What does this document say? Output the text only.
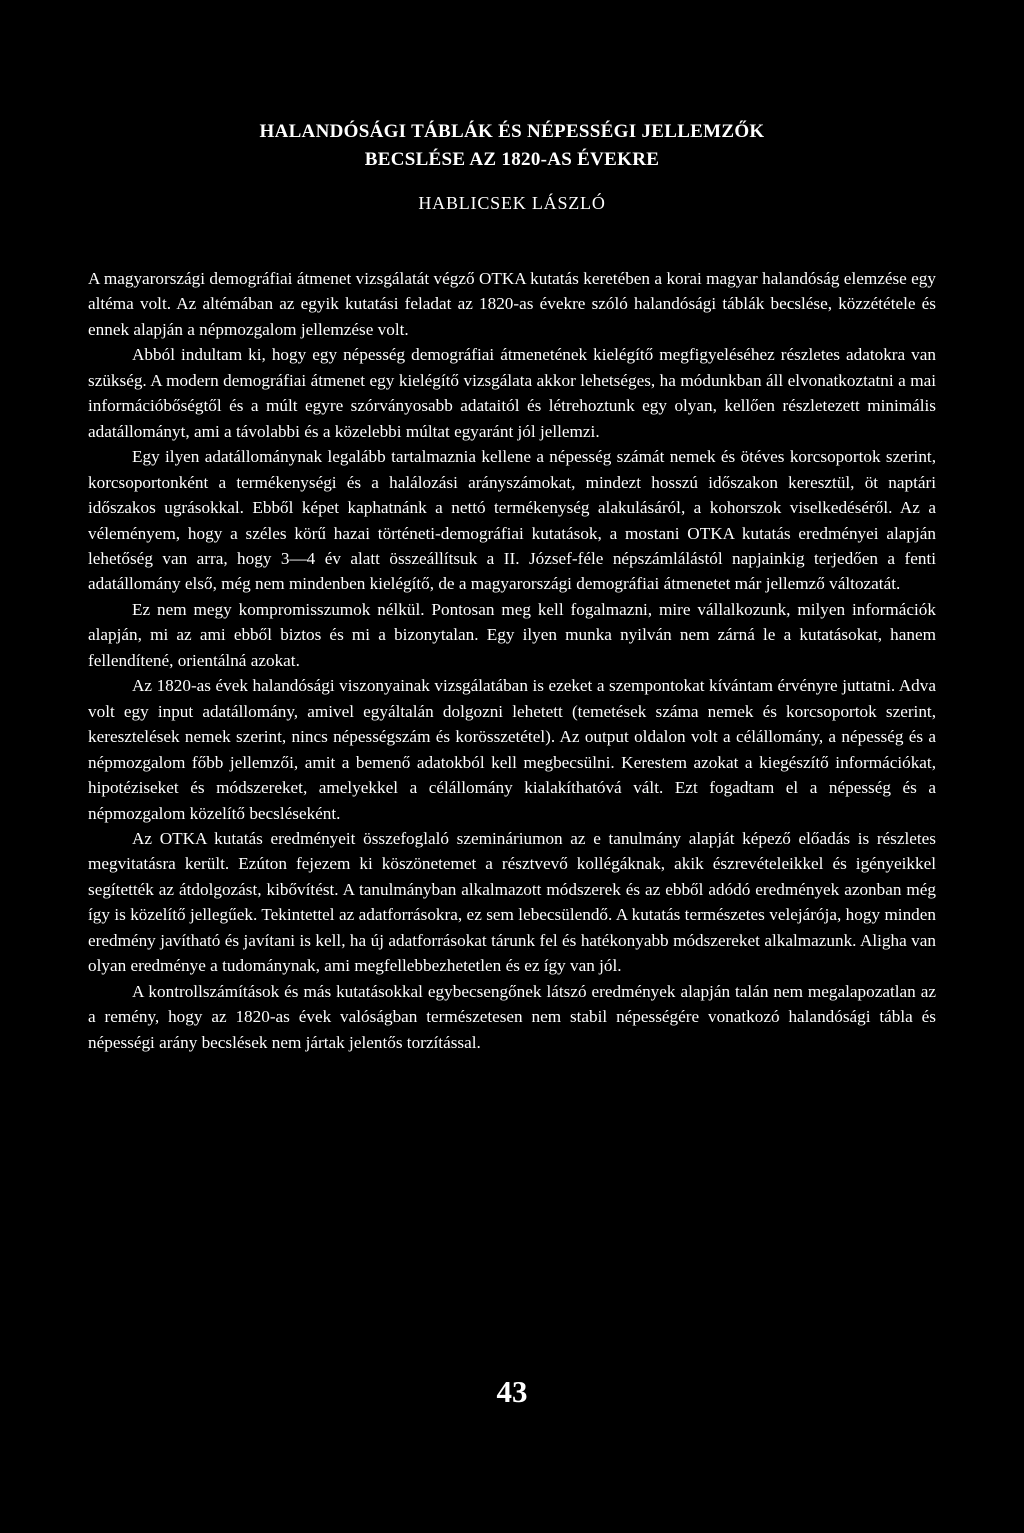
HALANDÓSÁGI TÁBLÁK ÉS NÉPESSÉGI JELLEMZŐK
BECSLÉSE AZ 1820-AS ÉVEKRE
HABLICSEK LÁSZLÓ

A magyarországi demográfiai átmenet vizsgálatát végző OTKA kutatás keretében a korai magyar halandóság elemzése egy altéma volt. Az altémában az egyik kutatási feladat az 1820-as évekre szóló halandósági táblák becslése, közzététele és ennek alapján a népmozgalom jellemzése volt.

Abból indultam ki, hogy egy népesség demográfiai átmenetének kielégítő megfigyeléséhez részletes adatokra van szükség. A modern demográfiai átmenet egy kielégítő vizsgálata akkor lehetséges, ha módunkban áll elvonatkoztatni a mai információbőségtől és a múlt egyre szórványosabb adataitól és létrehoztunk egy olyan, kellően részletezett minimális adatállományt, ami a távolabbi és a közelebbi múltat egyaránt jól jellemzi.

Egy ilyen adatállománynak legalább tartalmaznia kellene a népesség számát nemek és ötéves korcsoportok szerint, korcsoportonként a termékenységi és a halálozási arányszámokat, mindezt hosszú időszakon keresztül, öt naptári időszakos ugrásokkal. Ebből képet kaphatnánk a nettó termékenység alakulásáról, a kohorszok viselkedéséről. Az a véleményem, hogy a széles körű hazai történeti-demográfiai kutatások, a mostani OTKA kutatás eredményei alapján lehetőség van arra, hogy 3—4 év alatt összeállítsuk a II. József-féle népszámlálástól napjainkig terjedően a fenti adatállomány első, még nem mindenben kielégítő, de a magyarországi demográfiai átmenetet már jellemző változatát.

Ez nem megy kompromisszumok nélkül. Pontosan meg kell fogalmazni, mire vállalkozunk, milyen információk alapján, mi az ami ebből biztos és mi a bizonytalan. Egy ilyen munka nyilván nem zárná le a kutatásokat, hanem fellendítené, orientálná azokat.

Az 1820-as évek halandósági viszonyainak vizsgálatában is ezeket a szempontokat kívántam érvényre juttatni. Adva volt egy input adatállomány, amivel egyáltalán dolgozni lehetett (temetések száma nemek és korcsoportok szerint, keresztelések nemek szerint, nincs népességszám és korösszetétel). Az output oldalon volt a célállomány, a népesség és a népmozgalom főbb jellemzői, amit a bemenő adatokból kell megbecsülni. Kerestem azokat a kiegészítő információkat, hipotéziseket és módszereket, amelyekkel a célállomány kialakíthatóvá vált. Ezt fogadtam el a népesség és a népmozgalom közelítő becsléseként.

Az OTKA kutatás eredményeit összefoglaló szemináriumon az e tanulmány alapját képező előadás is részletes megvitatásra került. Ezúton fejezem ki köszönetemet a résztvevő kollégáknak, akik észrevételeikkel és igényeikkel segítették az átdolgozást, kibővítést. A tanulmányban alkalmazott módszerek és az ebből adódó eredmények azonban még így is közelítő jellegűek. Tekintettel az adatforrásokra, ez sem lebecsülendő. A kutatás természetes velejárója, hogy minden eredmény javítható és javítani is kell, ha új adatforrásokat tárunk fel és hatékonyabb módszereket alkalmazunk. Aligha van olyan eredménye a tudománynak, ami megfellebbezhetetlen és ez így van jól.

A kontrollszámítások és más kutatásokkal egybecsengőnek látszó eredmények alapján talán nem megalapozatlan az a remény, hogy az 1820-as évek valóságban természetesen nem stabil népességére vonatkozó halandósági tábla és népességi arány becslések nem jártak jelentős torzítással.

43
